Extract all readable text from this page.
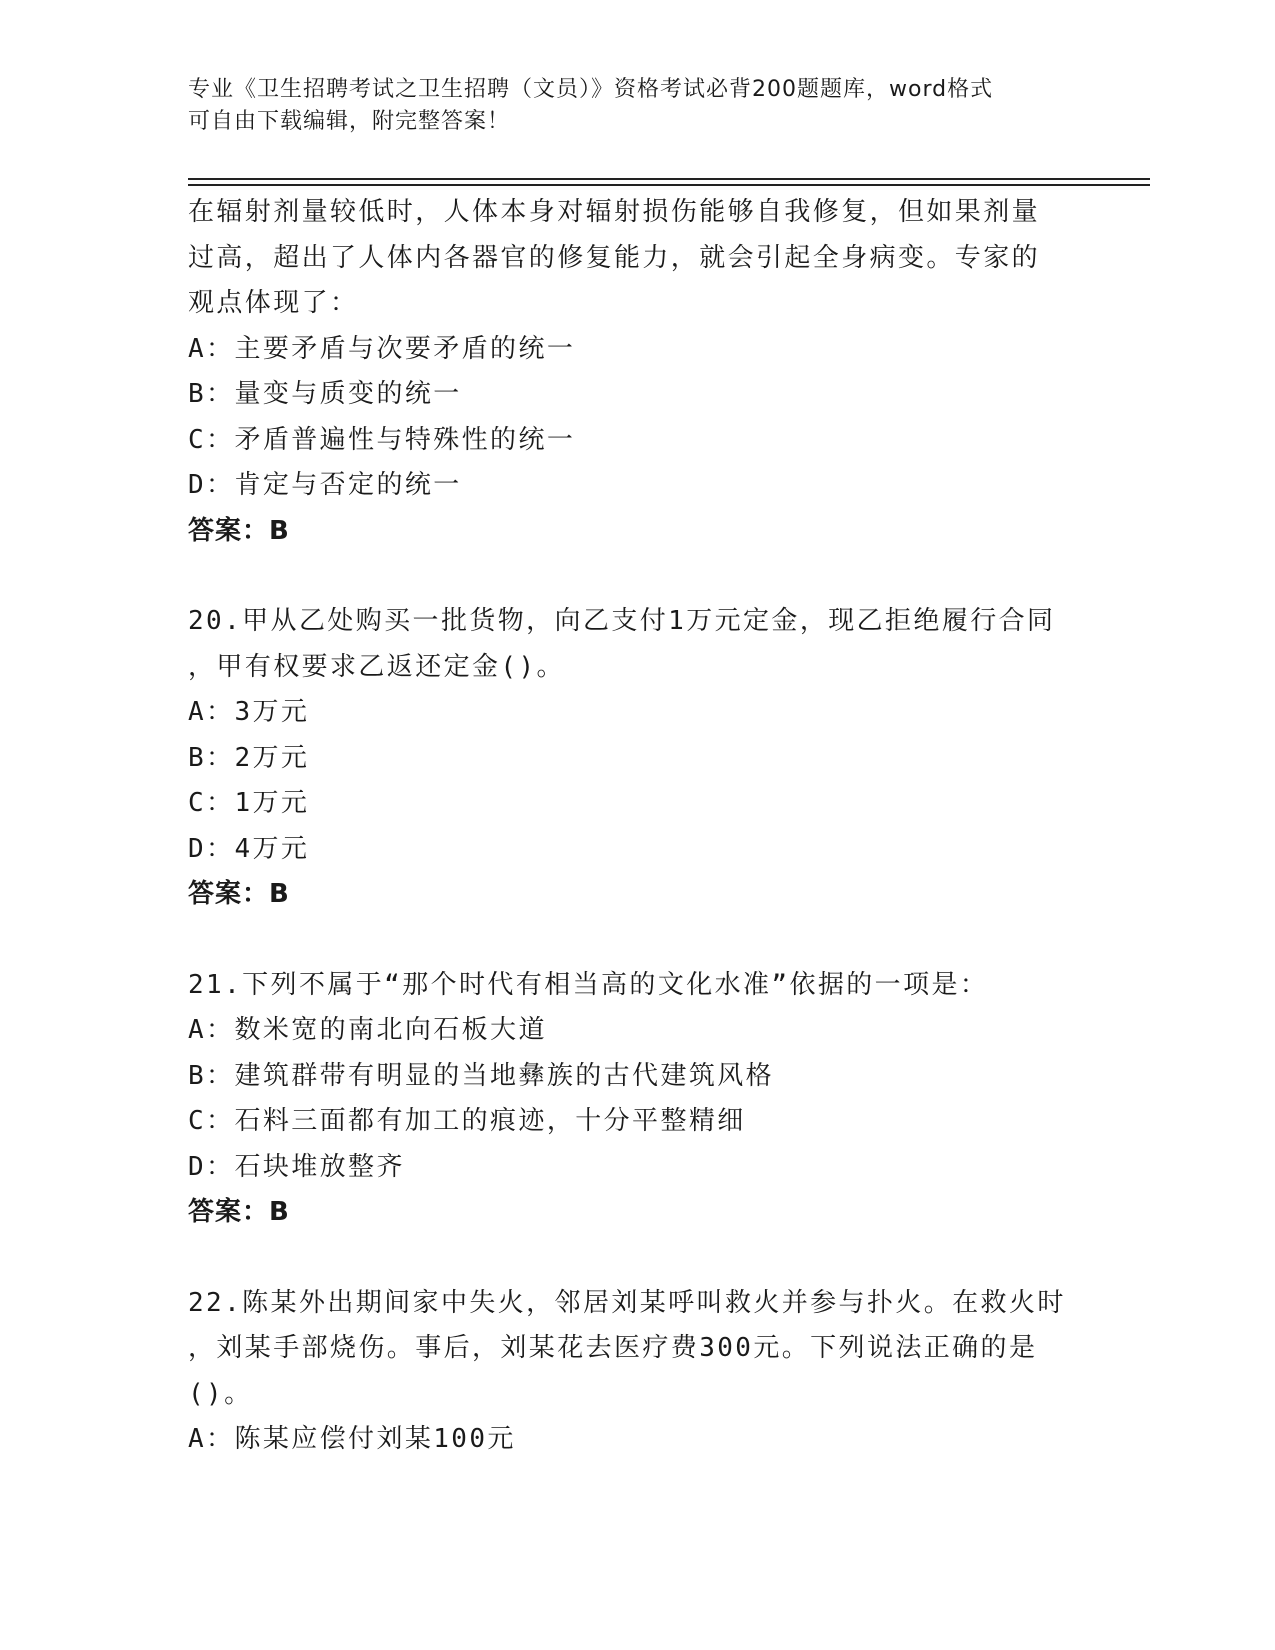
专业《卫生招聘考试之卫生招聘（文员）》资格考试必背200题题库，word格式
可自由下载编辑，附完整答案！

在辐射剂量较低时，人体本身对辐射损伤能够自我修复，但如果剂量

过高，超出了人体内各器官的修复能力，就会引起全身病变。专家的

观点体现了：

A：主要矛盾与次要矛盾的统一

B：量变与质变的统一

C：矛盾普遍性与特殊性的统一

D：肯定与否定的统一

答案：B

20.甲从乙处购买一批货物，向乙支付1万元定金，现乙拒绝履行合同

，甲有权要求乙返还定金()。

A：3万元

B：2万元

C：1万元

D：4万元

答案：B

21.下列不属于“那个时代有相当高的文化水准”依据的一项是：

A：数米宽的南北向石板大道

B：建筑群带有明显的当地彝族的古代建筑风格

C：石料三面都有加工的痕迹，十分平整精细

D：石块堆放整齐

答案：B

22.陈某外出期间家中失火，邻居刘某呼叫救火并参与扑火。在救火时

，刘某手部烧伤。事后，刘某花去医疗费300元。下列说法正确的是

()。

A：陈某应偿付刘某100元
